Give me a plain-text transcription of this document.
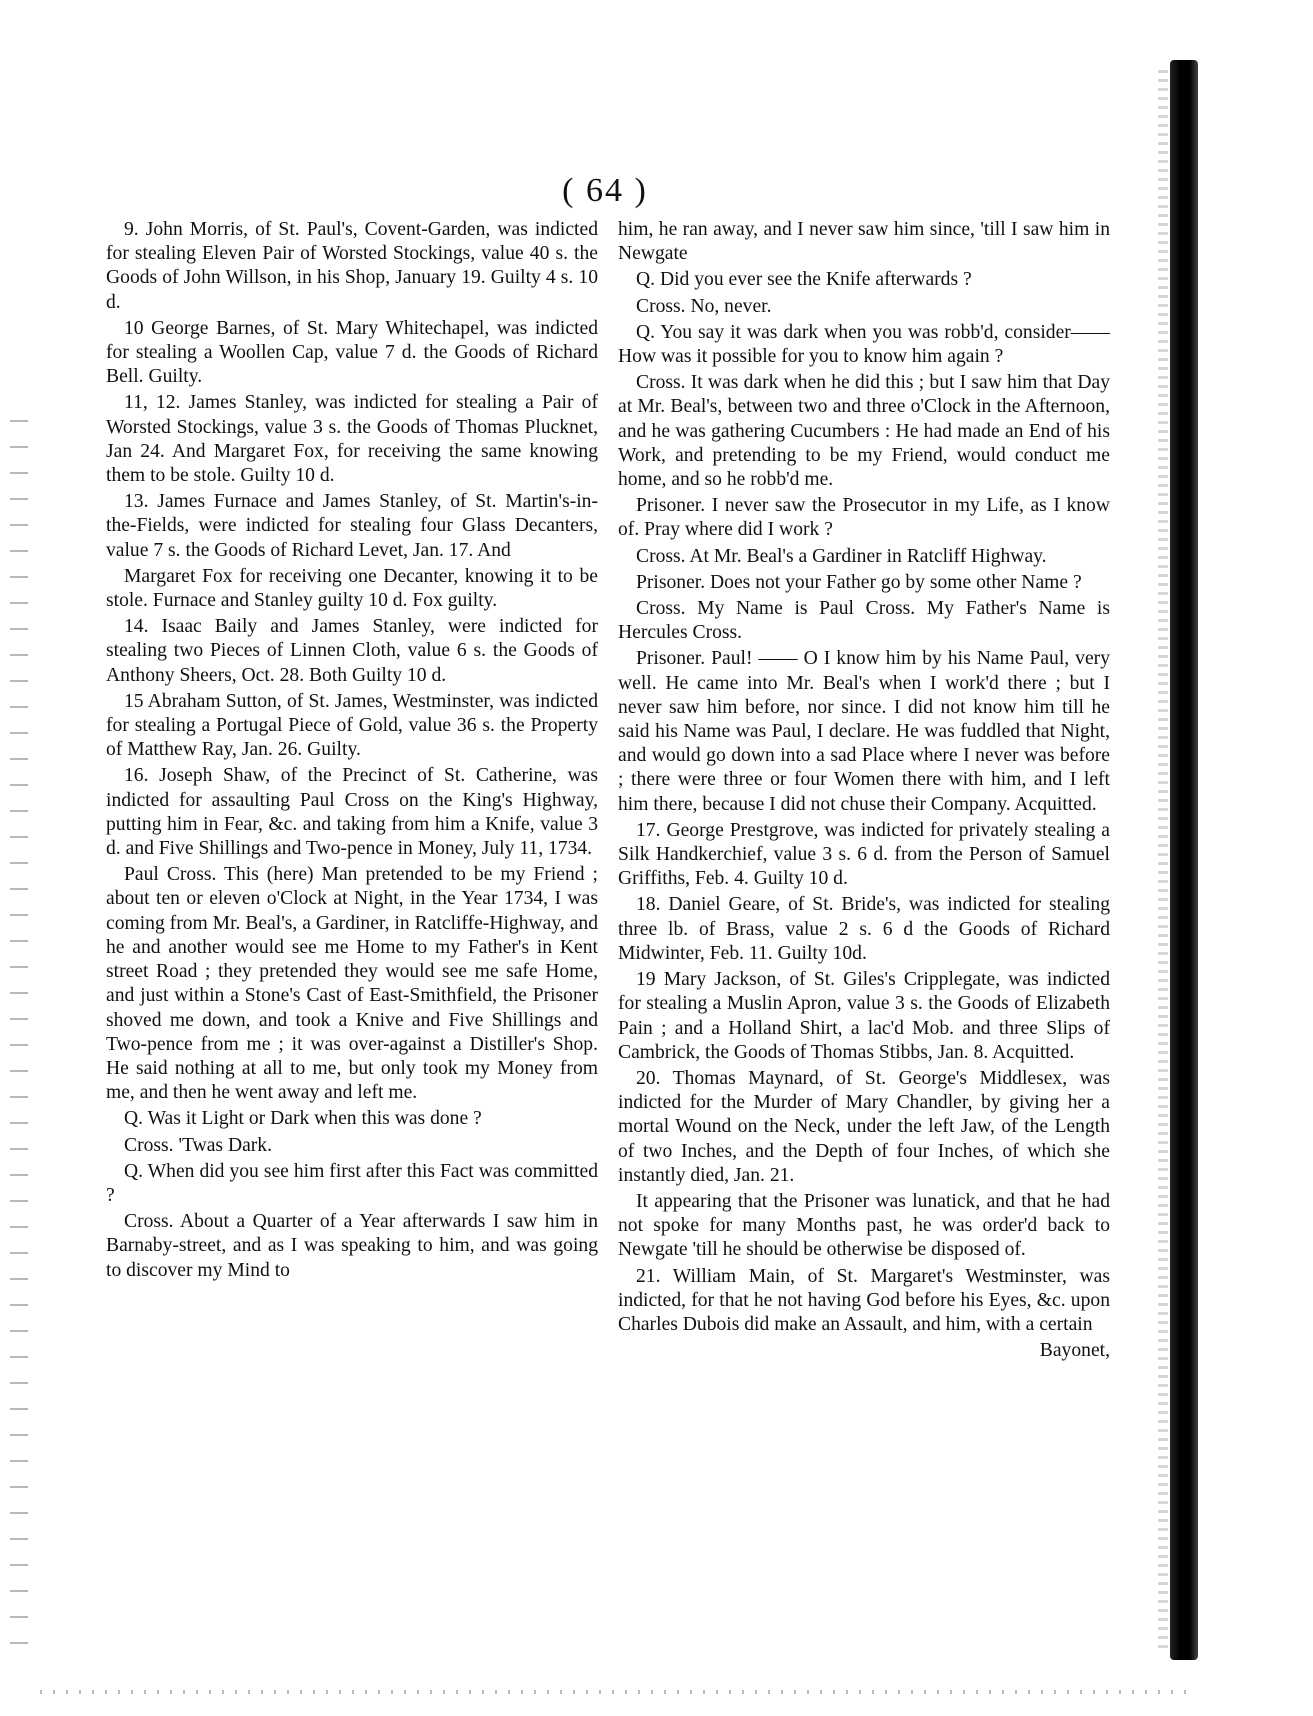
( 64 )

9. John Morris, of St. Paul's, Covent-Garden, was indicted for stealing Eleven Pair of Worsted Stockings, value 40 s. the Goods of John Willson, in his Shop, January 19. Guilty 4 s. 10 d.

10 George Barnes, of St. Mary Whitechapel, was indicted for stealing a Woollen Cap, value 7 d. the Goods of Richard Bell. Guilty.

11, 12. James Stanley, was indicted for stealing a Pair of Worsted Stockings, value 3 s. the Goods of Thomas Plucknet, Jan 24. And Margaret Fox, for receiving the same knowing them to be stole. Guilty 10 d.

13. James Furnace and James Stanley, of St. Martin's-in-the-Fields, were indicted for stealing four Glass Decanters, value 7 s. the Goods of Richard Levet, Jan. 17. And

Margaret Fox for receiving one Decanter, knowing it to be stole. Furnace and Stanley guilty 10 d. Fox guilty.

14. Isaac Baily and James Stanley, were indicted for stealing two Pieces of Linnen Cloth, value 6 s. the Goods of Anthony Sheers, Oct. 28. Both Guilty 10 d.

15 Abraham Sutton, of St. James, Westminster, was indicted for stealing a Portugal Piece of Gold, value 36 s. the Property of Matthew Ray, Jan. 26. Guilty.

16. Joseph Shaw, of the Precinct of St. Catherine, was indicted for assaulting Paul Cross on the King's Highway, putting him in Fear, &c. and taking from him a Knife, value 3 d. and Five Shillings and Two-pence in Money, July 11, 1734.

Paul Cross. This (here) Man pretended to be my Friend ; about ten or eleven o'Clock at Night, in the Year 1734, I was coming from Mr. Beal's, a Gardiner, in Ratcliffe-Highway, and he and another would see me Home to my Father's in Kent street Road ; they pretended they would see me safe Home, and just within a Stone's Cast of East-Smithfield, the Prisoner shoved me down, and took a Knive and Five Shillings and Two-pence from me ; it was over-against a Distiller's Shop. He said nothing at all to me, but only took my Money from me, and then he went away and left me.

Q. Was it Light or Dark when this was done ?

Cross. 'Twas Dark.

Q. When did you see him first after this Fact was committed ?

Cross. About a Quarter of a Year afterwards I saw him in Barnaby-street, and as I was speaking to him, and was going to discover my Mind to

him, he ran away, and I never saw him since, 'till I saw him in Newgate

Q. Did you ever see the Knife afterwards ?

Cross. No, never.

Q. You say it was dark when you was robb'd, consider——How was it possible for you to know him again ?

Cross. It was dark when he did this ; but I saw him that Day at Mr. Beal's, between two and three o'Clock in the Afternoon, and he was gathering Cucumbers : He had made an End of his Work, and pretending to be my Friend, would conduct me home, and so he robb'd me.

Prisoner. I never saw the Prosecutor in my Life, as I know of. Pray where did I work ?

Cross. At Mr. Beal's a Gardiner in Ratcliff Highway.

Prisoner. Does not your Father go by some other Name ?

Cross. My Name is Paul Cross. My Father's Name is Hercules Cross.

Prisoner. Paul! —— O I know him by his Name Paul, very well. He came into Mr. Beal's when I work'd there ; but I never saw him before, nor since. I did not know him till he said his Name was Paul, I declare. He was fuddled that Night, and would go down into a sad Place where I never was before ; there were three or four Women there with him, and I left him there, because I did not chuse their Company. Acquitted.

17. George Prestgrove, was indicted for privately stealing a Silk Handkerchief, value 3 s. 6 d. from the Person of Samuel Griffiths, Feb. 4. Guilty 10 d.

18. Daniel Geare, of St. Bride's, was indicted for stealing three lb. of Brass, value 2 s. 6 d the Goods of Richard Midwinter, Feb. 11. Guilty 10d.

19 Mary Jackson, of St. Giles's Cripplegate, was indicted for stealing a Muslin Apron, value 3 s. the Goods of Elizabeth Pain ; and a Holland Shirt, a lac'd Mob. and three Slips of Cambrick, the Goods of Thomas Stibbs, Jan. 8. Acquitted.

20. Thomas Maynard, of St. George's Middlesex, was indicted for the Murder of Mary Chandler, by giving her a mortal Wound on the Neck, under the left Jaw, of the Length of two Inches, and the Depth of four Inches, of which she instantly died, Jan. 21.

It appearing that the Prisoner was lunatick, and that he had not spoke for many Months past, he was order'd back to Newgate 'till he should be otherwise be disposed of.

21. William Main, of St. Margaret's Westminster, was indicted, for that he not having God before his Eyes, &c. upon Charles Dubois did make an Assault, and him, with a certain

Bayonet,
